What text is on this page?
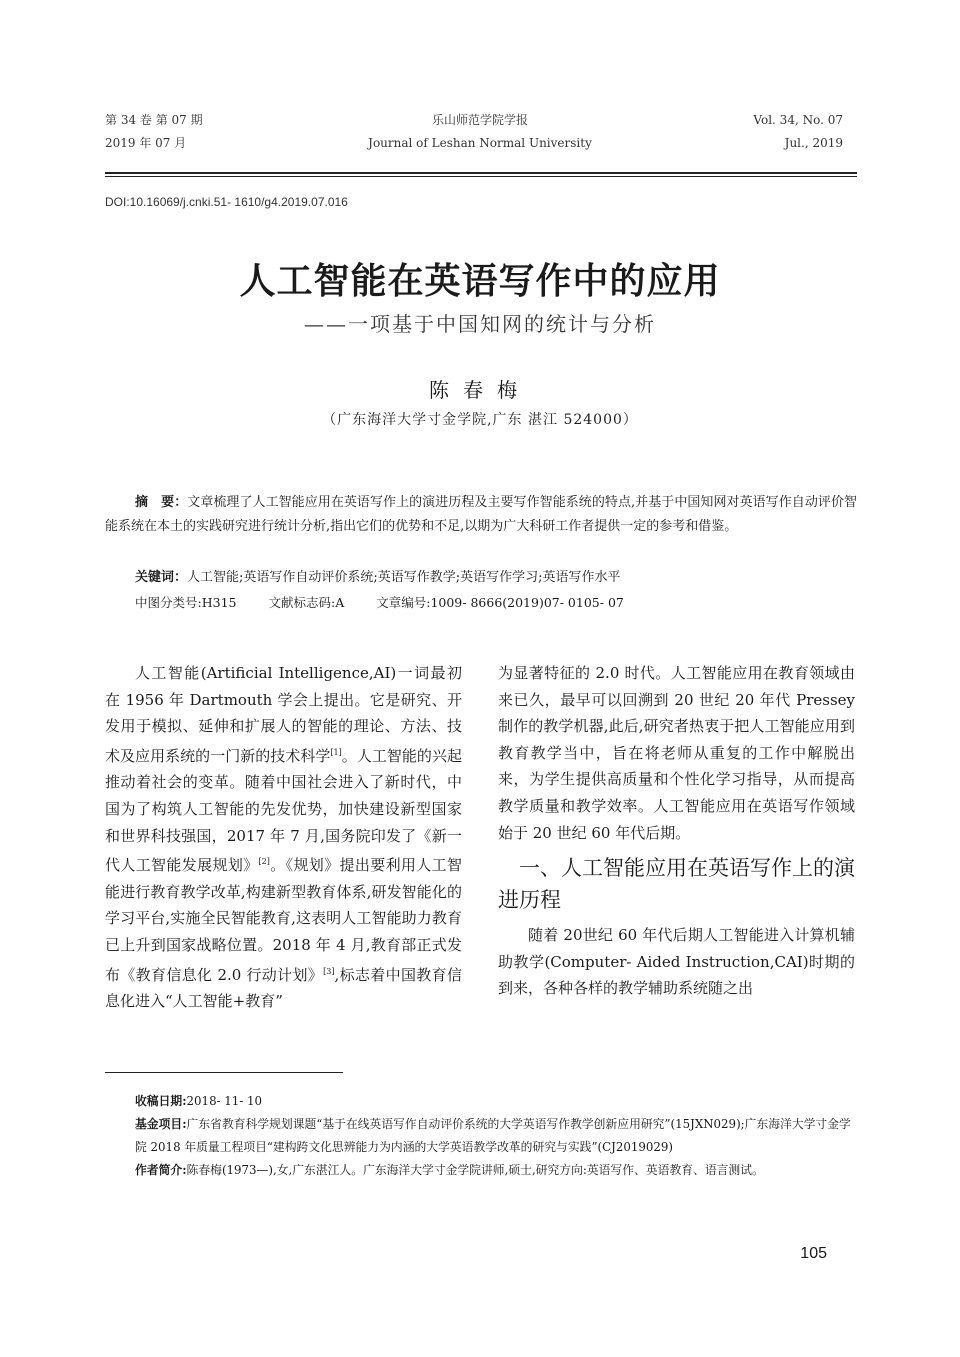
第 34 卷 第 07 期
2019 年 07 月
乐山师范学院学报
Journal of Leshan Normal University
Vol. 34, No. 07
Jul., 2019
DOI:10.16069/j.cnki.51- 1610/g4.2019.07.016
人工智能在英语写作中的应用
——一项基于中国知网的统计与分析
陈春梅
（广东海洋大学寸金学院,广东 湛江 524000）
摘　要：文章梳理了人工智能应用在英语写作上的演进历程及主要写作智能系统的特点,并基于中国知网对英语写作自动评价智能系统在本土的实践研究进行统计分析,指出它们的优势和不足,以期为广大科研工作者提供一定的参考和借鉴。
关键词：人工智能;英语写作自动评价系统;英语写作教学;英语写作学习;英语写作水平
中图分类号:H315	文献标志码:A	文章编号:1009- 8666(2019)07- 0105- 07

人工智能(Artificial Intelligence,AI)一词最初在 1956 年 Dartmouth 学会上提出。它是研究、开发用于模拟、延伸和扩展人的智能的理论、方法、技术及应用系统的一门新的技术科学[1]。人工智能的兴起推动着社会的变革。随着中国社会进入了新时代，中国为了构筑人工智能的先发优势，加快建设新型国家和世界科技强国，2017 年 7 月,国务院印发了《新一代人工智能发展规划》[2]。《规划》提出要利用人工智能进行教育教学改革,构建新型教育体系,研发智能化的学习平台,实施全民智能教育,这表明人工智能助力教育已上升到国家战略位置。2018 年 4 月,教育部正式发布《教育信息化 2.0 行动计划》[3],标志着中国教育信息化进入“人工智能+教育”

为显著特征的 2.0 时代。人工智能应用在教育领域由来已久，最早可以回溯到 20 世纪 20 年代 Pressey 制作的教学机器,此后,研究者热衷于把人工智能应用到教育教学当中，旨在将老师从重复的工作中解脱出来，为学生提供高质量和个性化学习指导，从而提高教学质量和教学效率。人工智能应用在英语写作领域始于 20 世纪 60 年代后期。

一、人工智能应用在英语写作上的演进历程

随着 20世纪 60 年代后期人工智能进入计算机辅助教学(Computer- Aided Instruction,CAI)时期的到来，各种各样的教学辅助系统随之出

收稿日期:2018- 11- 10
基金项目:广东省教育科学规划课题“基于在线英语写作自动评价系统的大学英语写作教学创新应用研究”(15JXN029);广东海洋大学寸金学院 2018 年质量工程项目“建构跨文化思辨能力为内涵的大学英语教学改革的研究与实践”(CJ2019029)
作者简介:陈春梅(1973—),女,广东湛江人。广东海洋大学寸金学院讲师,硕士,研究方向:英语写作、英语教育、语言测试。
105
